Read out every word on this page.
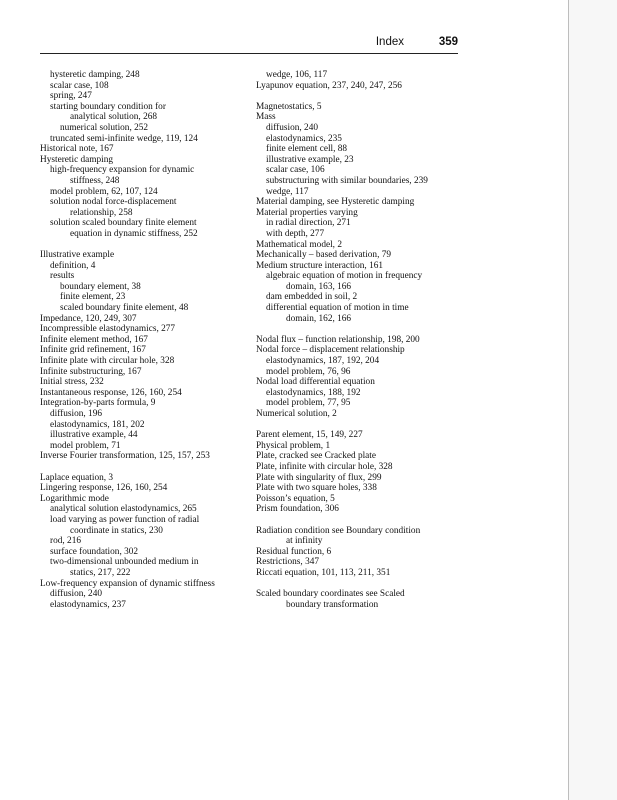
Index	359
hysteretic damping, 248
scalar case, 108
spring, 247
starting boundary condition for
analytical solution, 268
numerical solution, 252
truncated semi-infinite wedge, 119, 124
Historical note, 167
Hysteretic damping
high-frequency expansion for dynamic
stiffness, 248
model problem, 62, 107, 124
solution nodal force-displacement
relationship, 258
solution scaled boundary finite element
equation in dynamic stiffness, 252
Illustrative example
definition, 4
results
boundary element, 38
finite element, 23
scaled boundary finite element, 48
Impedance, 120, 249, 307
Incompressible elastodynamics, 277
Infinite element method, 167
Infinite grid refinement, 167
Infinite plate with circular hole, 328
Infinite substructuring, 167
Initial stress, 232
Instantaneous response, 126, 160, 254
Integration-by-parts formula, 9
diffusion, 196
elastodynamics, 181, 202
illustrative example, 44
model problem, 71
Inverse Fourier transformation, 125, 157, 253
Laplace equation, 3
Lingering response, 126, 160, 254
Logarithmic mode
analytical solution elastodynamics, 265
load varying as power function of radial
coordinate in statics, 230
rod, 216
surface foundation, 302
two-dimensional unbounded medium in
statics, 217, 222
Low-frequency expansion of dynamic stiffness
diffusion, 240
elastodynamics, 237
wedge, 106, 117
Lyapunov equation, 237, 240, 247, 256
Magnetostatics, 5
Mass
diffusion, 240
elastodynamics, 235
finite element cell, 88
illustrative example, 23
scalar case, 106
substructuring with similar boundaries, 239
wedge, 117
Material damping, see Hysteretic damping
Material properties varying
in radial direction, 271
with depth, 277
Mathematical model, 2
Mechanically – based derivation, 79
Medium structure interaction, 161
algebraic equation of motion in frequency
domain, 163, 166
dam embedded in soil, 2
differential equation of motion in time
domain, 162, 166
Nodal flux – function relationship, 198, 200
Nodal force – displacement relationship
elastodynamics, 187, 192, 204
model problem, 76, 96
Nodal load differential equation
elastodynamics, 188, 192
model problem, 77, 95
Numerical solution, 2
Parent element, 15, 149, 227
Physical problem, 1
Plate, cracked see Cracked plate
Plate, infinite with circular hole, 328
Plate with singularity of flux, 299
Plate with two square holes, 338
Poisson’s equation, 5
Prism foundation, 306
Radiation condition see Boundary condition
at infinity
Residual function, 6
Restrictions, 347
Riccati equation, 101, 113, 211, 351
Scaled boundary coordinates see Scaled
boundary transformation
